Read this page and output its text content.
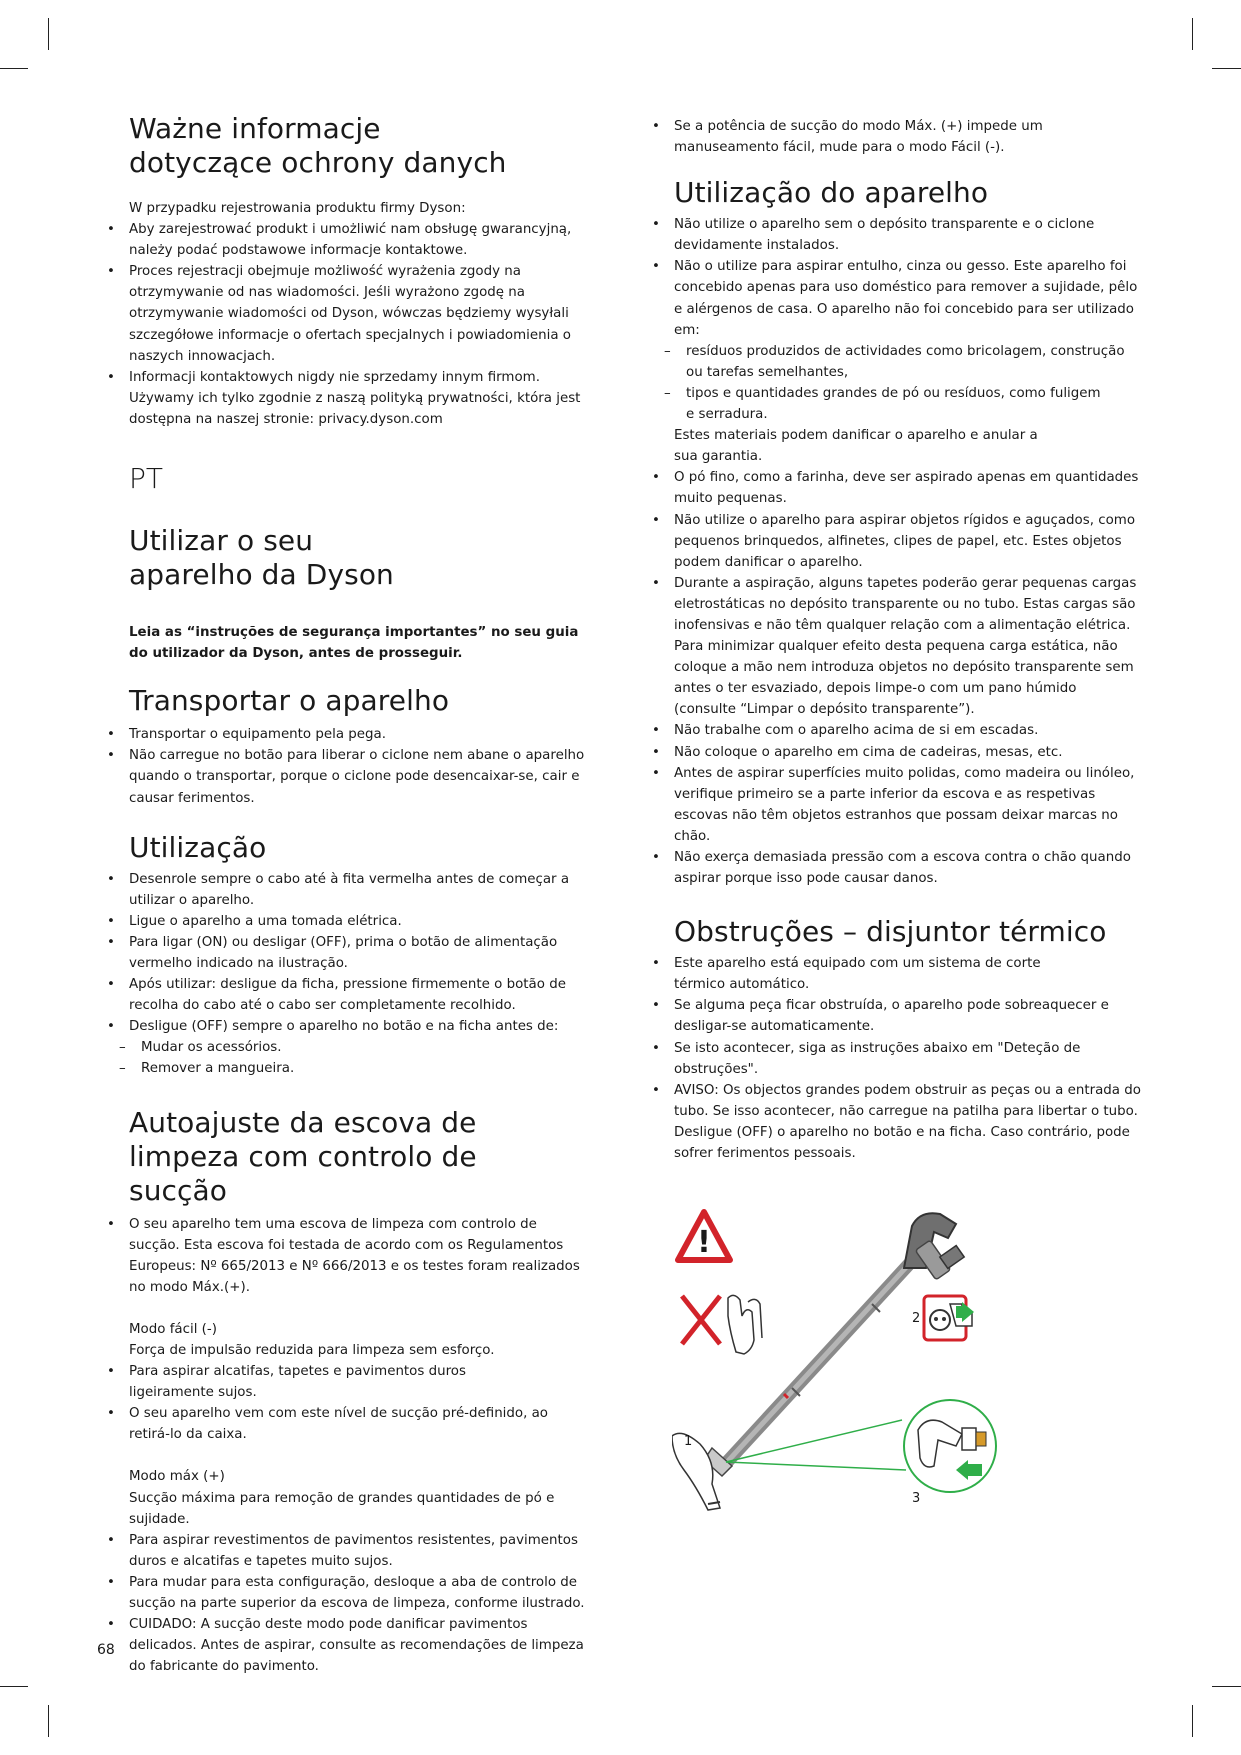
Ważne informacje dotyczące ochrony danych

W przypadku rejestrowania produktu firmy Dyson:

• Aby zarejestrować produkt i umożliwić nam obsługę gwarancyjną, należy podać podstawowe informacje kontaktowe.
• Proces rejestracji obejmuje możliwość wyrażenia zgody na otrzymywanie od nas wiadomości. Jeśli wyrażono zgodę na otrzymywanie wiadomości od Dyson, wówczas będziemy wysyłali szczegółowe informacje o ofertach specjalnych i powiadomienia o naszych innowacjach.
• Informacji kontaktowych nigdy nie sprzedamy innym firmom. Używamy ich tylko zgodnie z naszą polityką prywatności, która jest dostępna na naszej stronie: privacy.dyson.com
PT
Utilizar o seu aparelho da Dyson

Leia as “instruções de segurança importantes” no seu guia do utilizador da Dyson, antes de prosseguir.

Transportar o aparelho
• Transportar o equipamento pela pega.
• Não carregue no botão para liberar o ciclone nem abane o aparelho quando o transportar, porque o ciclone pode desencaixar-se, cair e causar ferimentos.
Utilização
• Desenrole sempre o cabo até à fita vermelha antes de começar a utilizar o aparelho.
• Ligue o aparelho a uma tomada elétrica.
• Para ligar (ON) ou desligar (OFF), prima o botão de alimentação vermelho indicado na ilustração.
• Após utilizar: desligue da ficha, pressione firmemente o botão de recolha do cabo até o cabo ser completamente recolhido.
• Desligue (OFF) sempre o aparelho no botão e na ficha antes de:
– Mudar os acessórios.
– Remover a mangueira.
Autoajuste da escova de limpeza com controlo de sucção
• O seu aparelho tem uma escova de limpeza com controlo de sucção. Esta escova foi testada de acordo com os Regulamentos Europeus: Nº 665/2013 e Nº 666/2013 e os testes foram realizados no modo Máx.(+).
Modo fácil (-)
Força de impulsão reduzida para limpeza sem esforço.
• Para aspirar alcatifas, tapetes e pavimentos duros ligeiramente sujos.
• O seu aparelho vem com este nível de sucção pré-definido, ao retirá-lo da caixa.
Modo máx (+)
Sucção máxima para remoção de grandes quantidades de pó e sujidade.
• Para aspirar revestimentos de pavimentos resistentes, pavimentos duros e alcatifas e tapetes muito sujos.
• Para mudar para esta configuração, desloque a aba de controlo de sucção na parte superior da escova de limpeza, conforme ilustrado.
• CUIDADO: A sucção deste modo pode danificar pavimentos delicados. Antes de aspirar, consulte as recomendações de limpeza do fabricante do pavimento.
• Se a potência de sucção do modo Máx. (+) impede um manuseamento fácil, mude para o modo Fácil (-).
Utilização do aparelho
• Não utilize o aparelho sem o depósito transparente e o ciclone devidamente instalados.
• Não o utilize para aspirar entulho, cinza ou gesso. Este aparelho foi concebido apenas para uso doméstico para remover a sujidade, pêlo e alérgenos de casa. O aparelho não foi concebido para ser utilizado em:
– resíduos produzidos de actividades como bricolagem, construção ou tarefas semelhantes,
– tipos e quantidades grandes de pó ou resíduos, como fuligem e serradura.

Estes materiais podem danificar o aparelho e anular a sua garantia.

• O pó fino, como a farinha, deve ser aspirado apenas em quantidades muito pequenas.
• Não utilize o aparelho para aspirar objetos rígidos e aguçados, como pequenos brinquedos, alfinetes, clipes de papel, etc. Estes objetos podem danificar o aparelho.
• Durante a aspiração, alguns tapetes poderão gerar pequenas cargas eletrostáticas no depósito transparente ou no tubo. Estas cargas são inofensivas e não têm qualquer relação com a alimentação elétrica. Para minimizar qualquer efeito desta pequena carga estática, não coloque a mão nem introduza objetos no depósito transparente sem antes o ter esvaziado, depois limpe-o com um pano húmido (consulte “Limpar o depósito transparente”).
• Não trabalhe com o aparelho acima de si em escadas.
• Não coloque o aparelho em cima de cadeiras, mesas, etc.
• Antes de aspirar superfícies muito polidas, como madeira ou linóleo, verifique primeiro se a parte inferior da escova e as respetivas escovas não têm objetos estranhos que possam deixar marcas no chão.
• Não exerça demasiada pressão com a escova contra o chão quando aspirar porque isso pode causar danos.
Obstruções – disjuntor térmico
• Este aparelho está equipado com um sistema de corte térmico automático.
• Se alguma peça ficar obstruída, o aparelho pode sobreaquecer e desligar-se automaticamente.
• Se isto acontecer, siga as instruções abaixo em "Deteção de obstruções".
• AVISO: Os objectos grandes podem obstruir as peças ou a entrada do tubo. Se isso acontecer, não carregue na patilha para libertar o tubo. Desligue (OFF) o aparelho no botão e na ficha. Caso contrário, pode sofrer ferimentos pessoais.
!
2
3
1
68
